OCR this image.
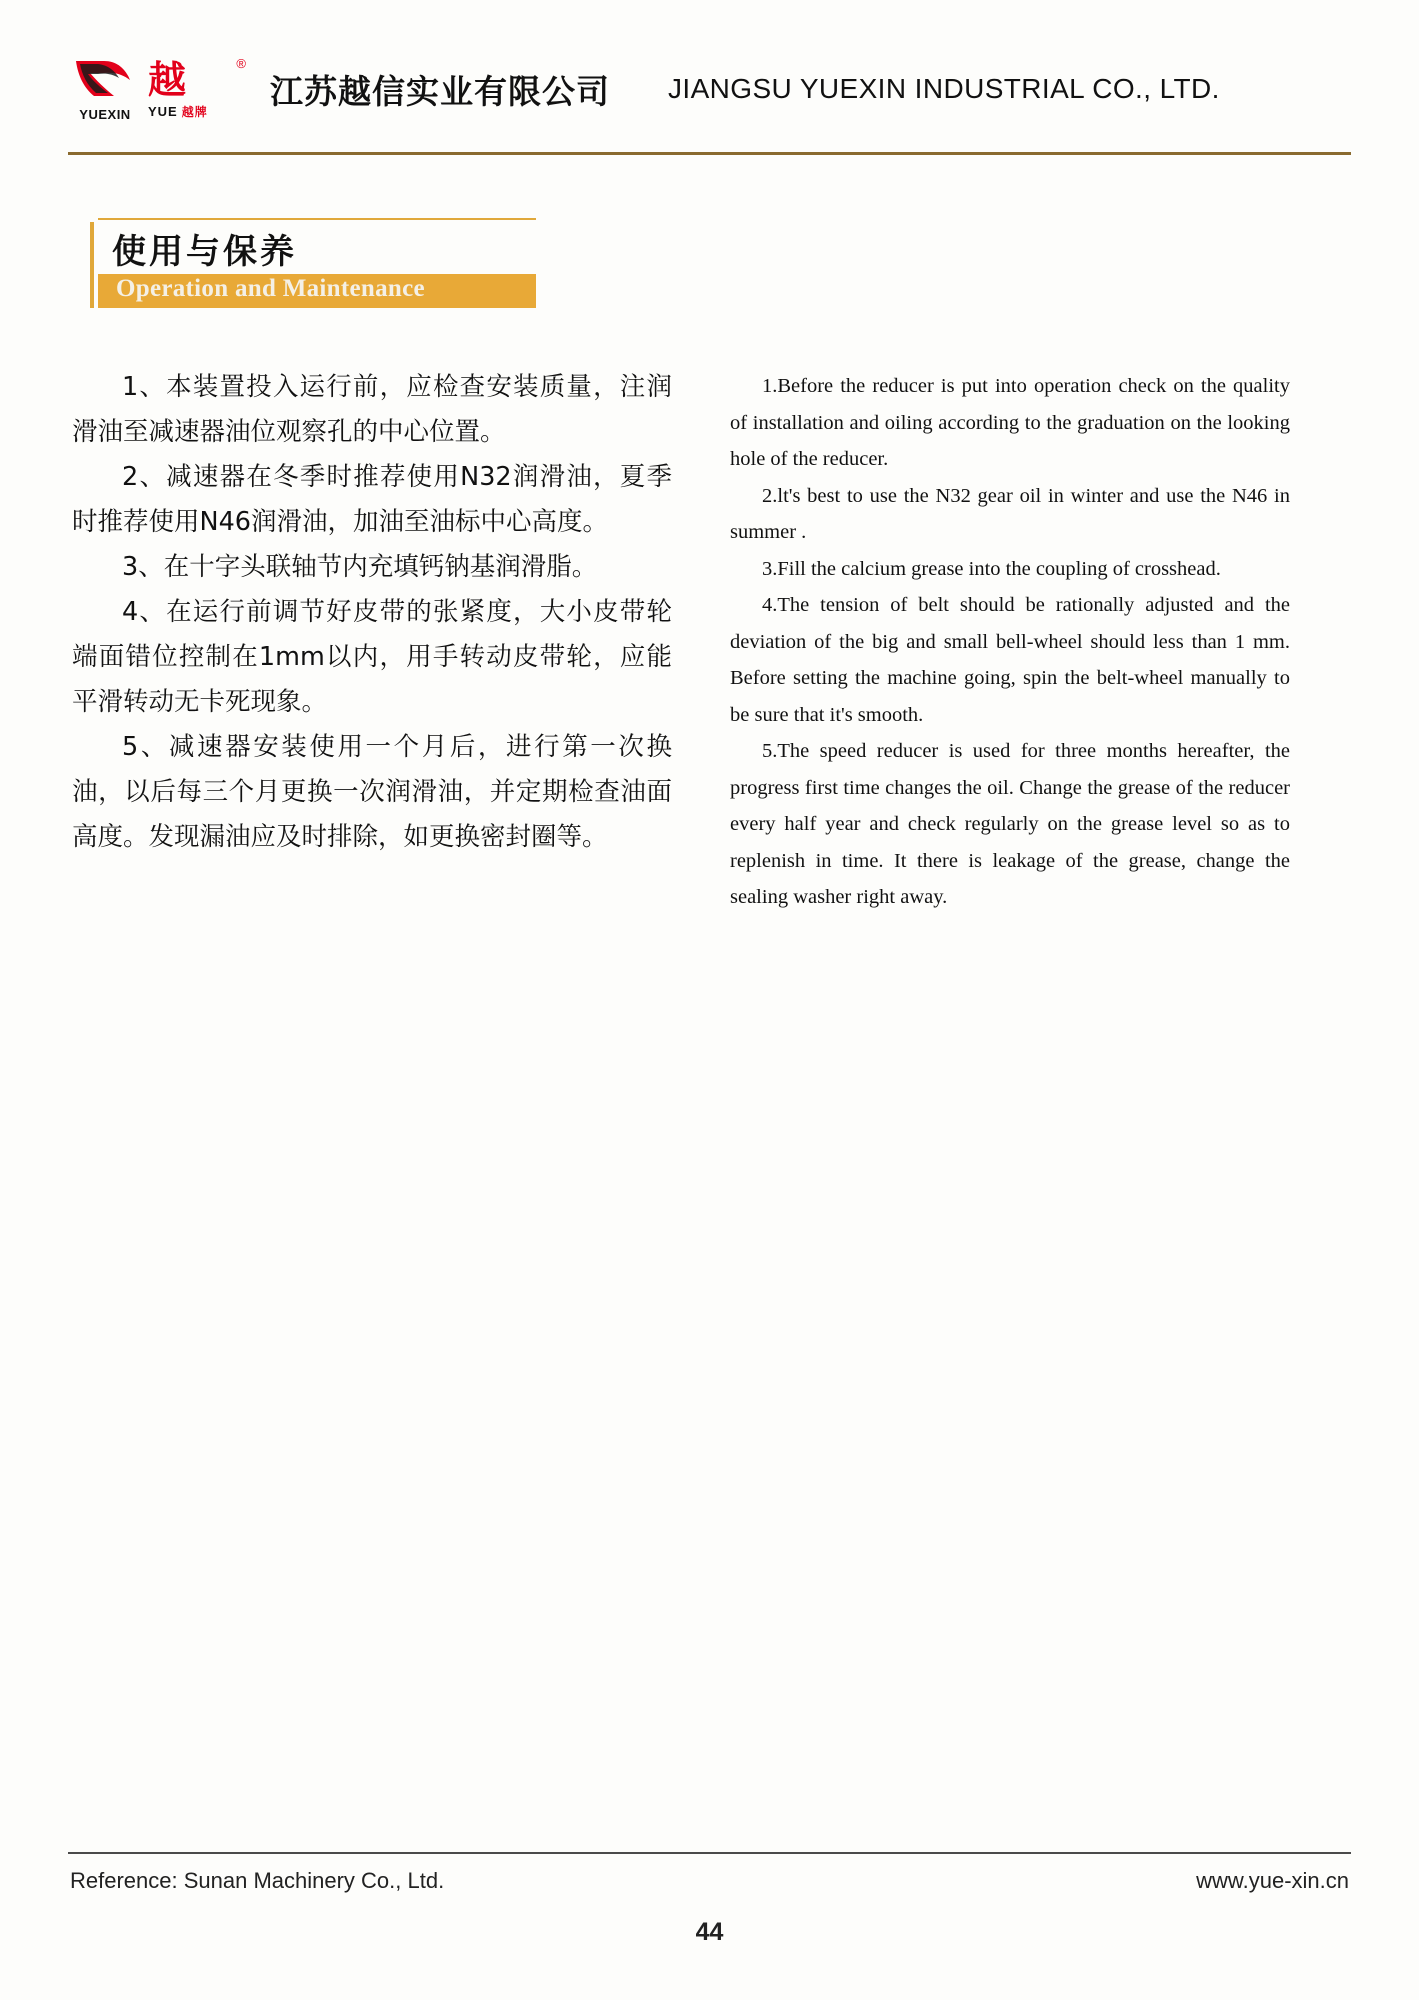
YUEXIN
越	®
YUE 越牌
江苏越信实业有限公司 JIANGSU YUEXIN INDUSTRIAL CO., LTD.
使用与保养
Operation and Maintenance

1、本装置投入运行前，应检查安装质量，注润滑油至减速器油位观察孔的中心位置。

2、减速器在冬季时推荐使用N32润滑油，夏季时推荐使用N46润滑油，加油至油标中心高度。

3、在十字头联轴节内充填钙钠基润滑脂。

4、在运行前调节好皮带的张紧度，大小皮带轮端面错位控制在1mm以内，用手转动皮带轮，应能平滑转动无卡死现象。

5、减速器安装使用一个月后，进行第一次换油，以后每三个月更换一次润滑油，并定期检查油面高度。发现漏油应及时排除，如更换密封圈等。

1.Before the reducer is put into operation check on the quality of installation and oiling according to the graduation on the looking hole of the reducer.

2.lt's best to use the N32 gear oil in winter and use the N46 in summer .

3.Fill the calcium grease into the coupling of crosshead.

4.The tension of belt should be rationally adjusted and the deviation of the big and small bell-wheel should less than 1 mm. Before setting the machine going, spin the belt-wheel manually to be sure that it's smooth.

5.The speed reducer is used for three months hereafter, the progress first time changes the oil. Change the grease of the reducer every half year and check regularly on the grease level so as to replenish in time. It there is leakage of the grease, change the sealing washer right away.

Reference: Sunan Machinery Co., Ltd.	www.yue-xin.cn
44
